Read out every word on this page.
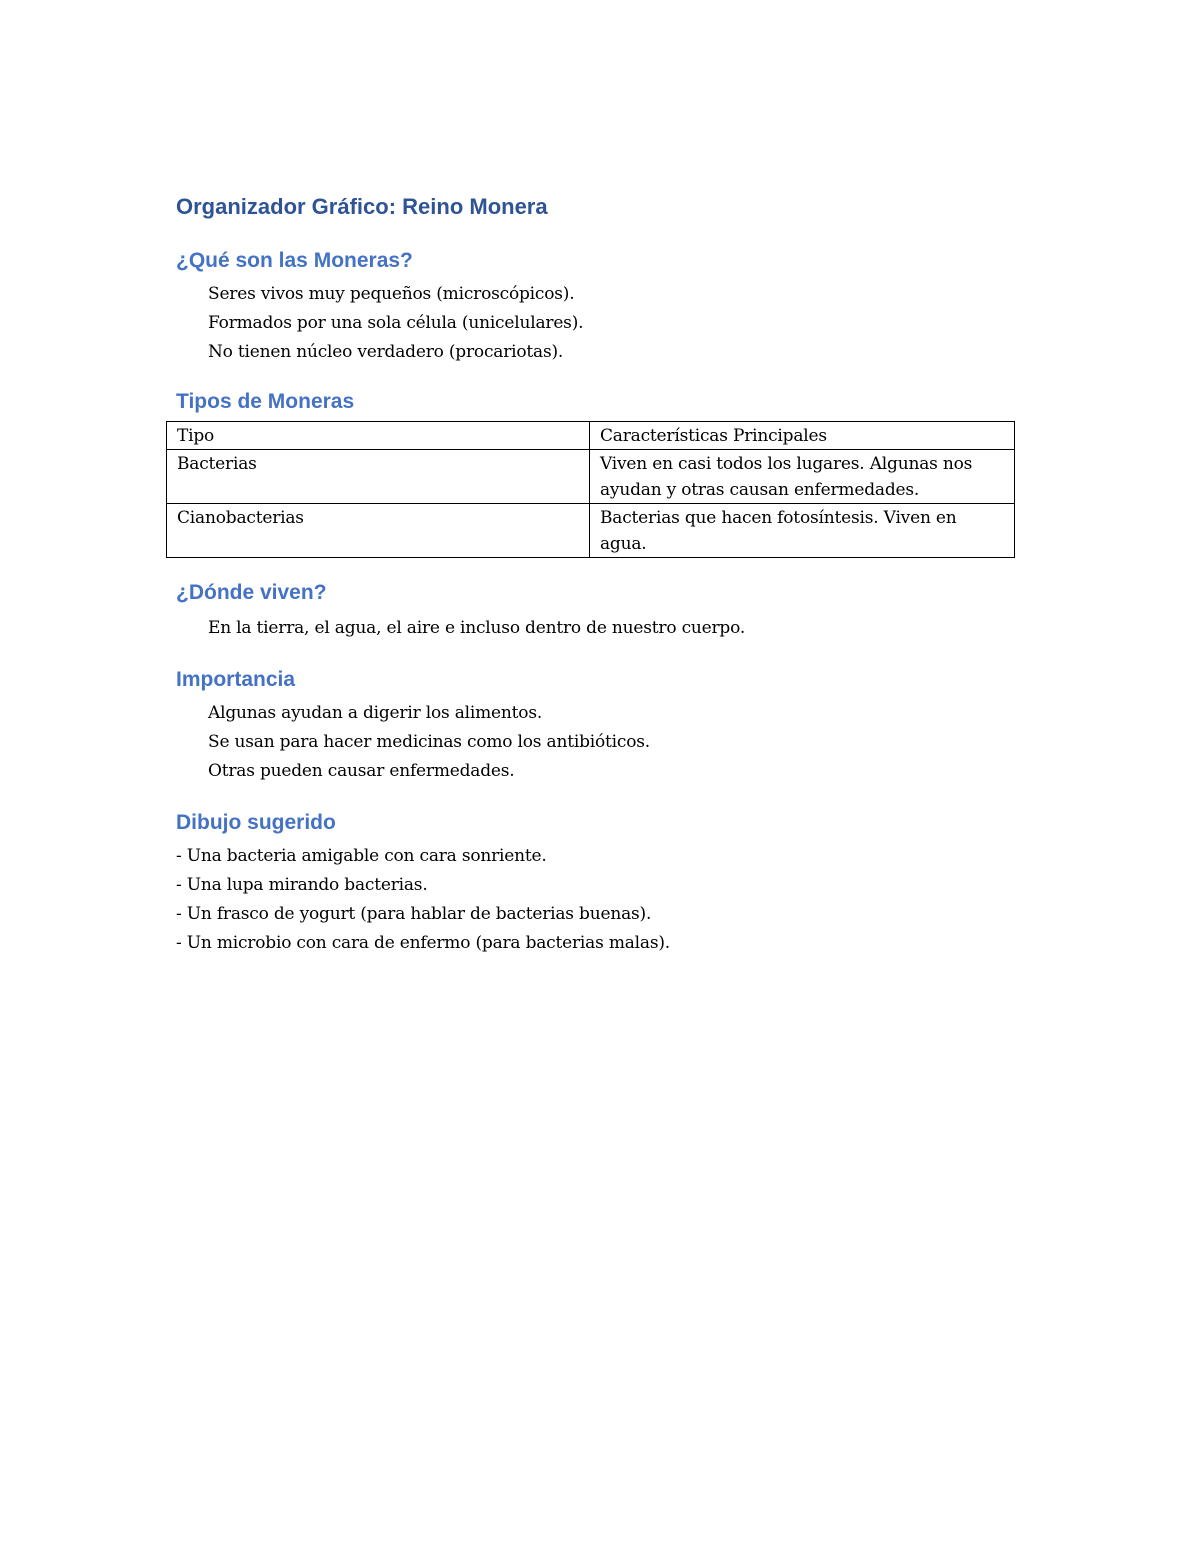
Organizador Gráfico: Reino Monera
¿Qué son las Moneras?
Seres vivos muy pequeños (microscópicos).
Formados por una sola célula (unicelulares).
No tienen núcleo verdadero (procariotas).
Tipos de Moneras
Tipo	Características Principales
Bacterias	Viven en casi todos los lugares. Algunas nos ayudan y otras causan enfermedades.
Cianobacterias	Bacterias que hacen fotosíntesis. Viven en agua.
¿Dónde viven?

En la tierra, el agua, el aire e incluso dentro de nuestro cuerpo.

Importancia
Algunas ayudan a digerir los alimentos.
Se usan para hacer medicinas como los antibióticos.
Otras pueden causar enfermedades.
Dibujo sugerido
- Una bacteria amigable con cara sonriente.
- Una lupa mirando bacterias.
- Un frasco de yogurt (para hablar de bacterias buenas).
- Un microbio con cara de enfermo (para bacterias malas).
